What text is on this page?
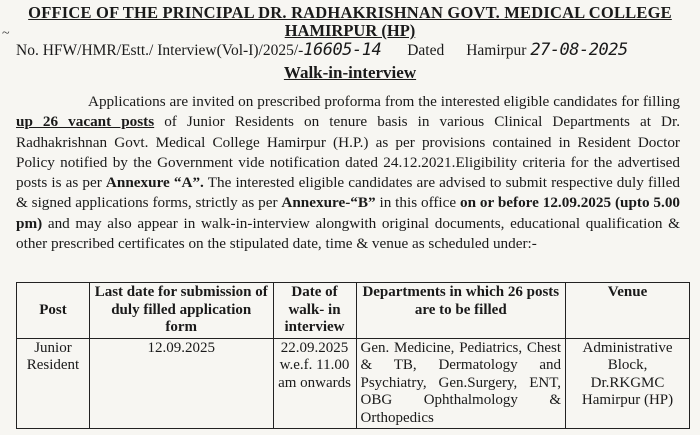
OFFICE OF THE PRINCIPAL DR. RADHAKRISHNAN GOVT. MEDICAL COLLEGE
HAMIRPUR (HP)
~
No. HFW/HMR/Estt./ Interview(Vol-I)/2025/-16605-14 Dated Hamirpur 27-08-2025
Walk-in-interview

Applications are invited on prescribed proforma from the interested eligible candidates for filling up 26 vacant posts of Junior Residents on tenure basis in various Clinical Departments at Dr. Radhakrishnan Govt. Medical College Hamirpur (H.P.) as per provisions contained in Resident Doctor Policy notified by the Government vide notification dated 24.12.2021.Eligibility criteria for the advertised posts is as per Annexure “A”. The interested eligible candidates are advised to submit respective duly filled & signed applications forms, strictly as per Annexure-“B” in this office on or before 12.09.2025 (upto 5.00 pm) and may also appear in walk-in-interview alongwith original documents, educational qualification & other prescribed certificates on the stipulated date, time & venue as scheduled under:-

Post	Last date for submission of duly filled application form	Date of walk- in interview	Departments in which 26 posts are to be filled	Venue
Junior Resident	12.09.2025	22.09.2025 w.e.f. 11.00 am onwards	Gen. Medicine, Pediatrics, Chest & TB, Dermatology and Psychiatry, Gen.Surgery, ENT, OBG Ophthalmology & Orthopedics	Administrative Block, Dr.RKGMC Hamirpur (HP)
